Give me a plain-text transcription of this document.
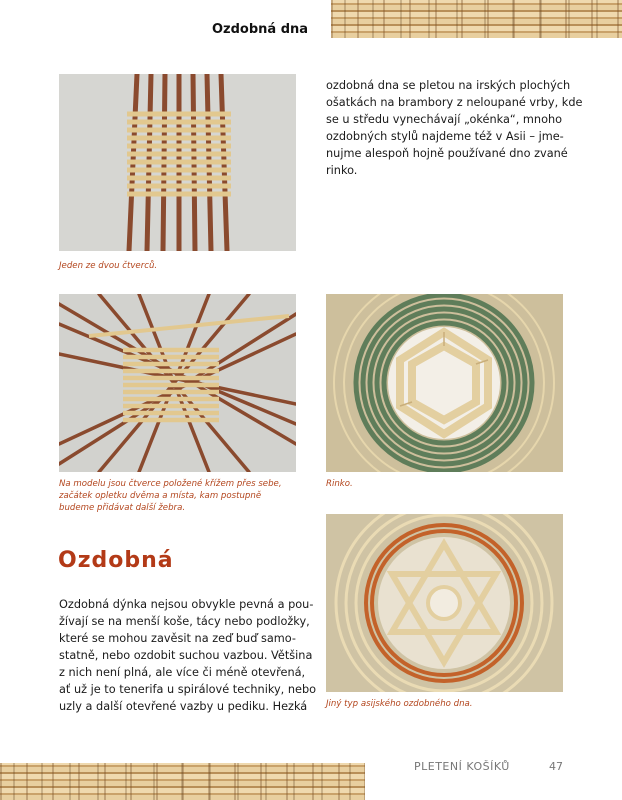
Ozdobná dna
Jeden ze dvou čtverců.
ozdobná dna se pletou na irských plochých
ošatkách na brambory z neloupané vrby, kde
se u středu vynechávají „okénka“, mnoho
ozdobných stylů najdeme též v Asii – jme-
nujme alespoň hojně používané dno zvané
rinko.
Na modelu jsou čtverce položené křížem přes sebe,
začátek opletku dvěma a místa, kam postupně
budeme přidávat další žebra.
Rinko.
Ozdobná
Ozdobná dýnka nejsou obvykle pevná a pou-
žívají se na menší koše, tácy nebo podložky,
které se mohou zavěsit na zeď buď samo-
statně, nebo ozdobit suchou vazbou. Většina
z nich není plná, ale více či méně otevřená,
ať už je to tenerifa u spirálové techniky, nebo
uzly a další otevřené vazby u pediku. Hezká Jiný typ asijského ozdobného dna.
PLETENÍ KOŠÍKŮ	47
